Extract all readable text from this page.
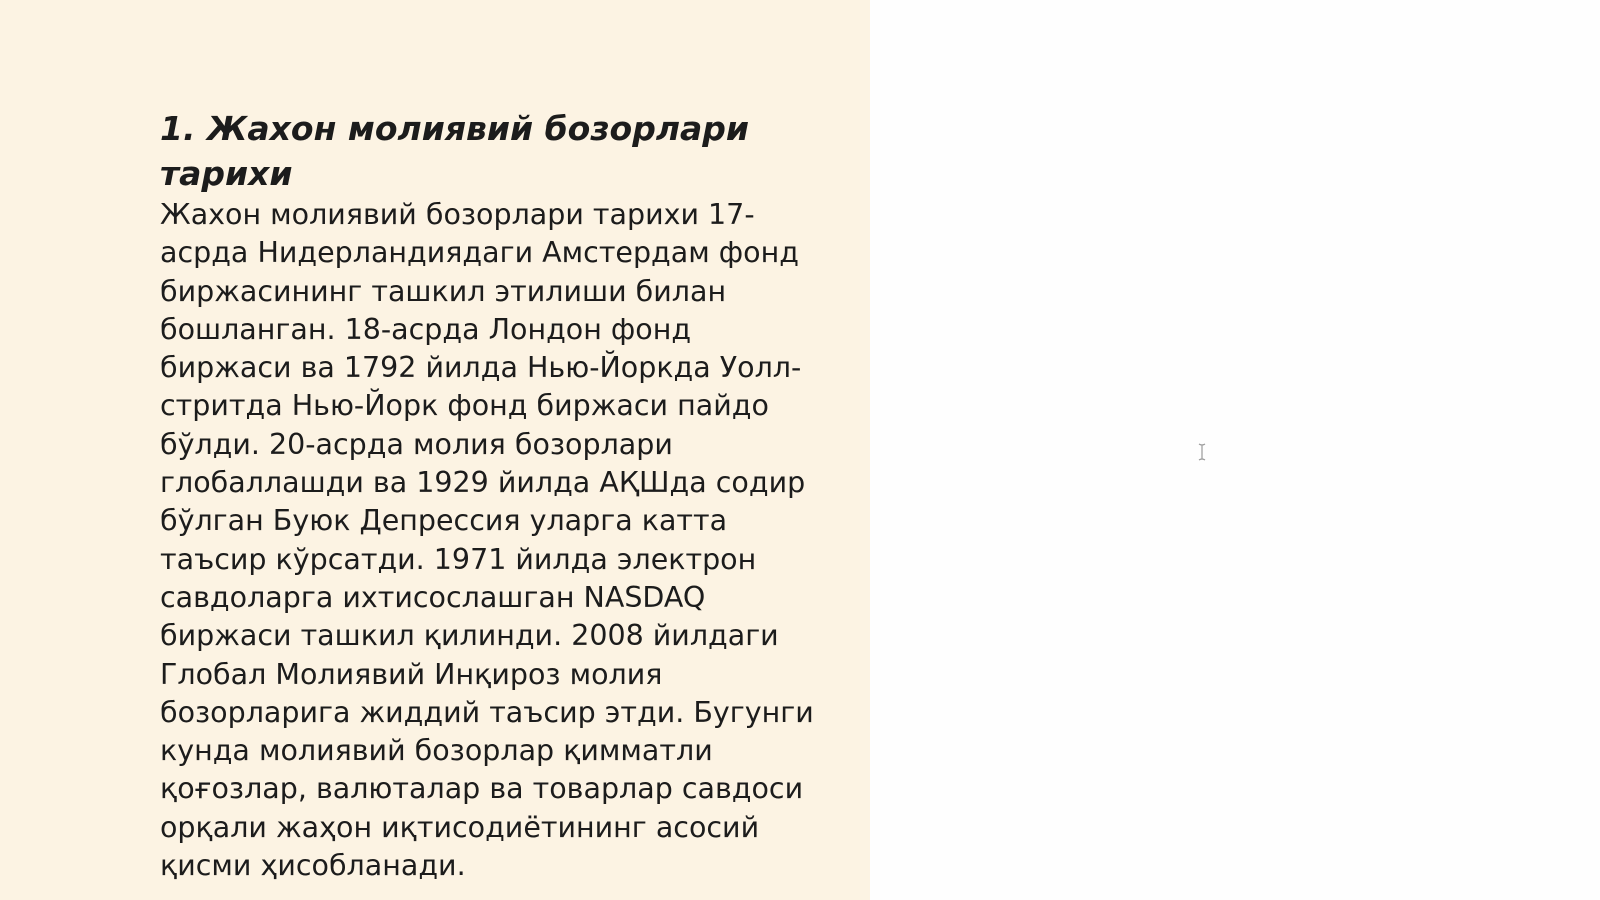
1. Жахон молиявий бозорлари тарихи

Жахон молиявий бозорлари тарихи 17-асрда Нидерландиядаги Амстердам фонд биржасининг ташкил этилиши билан бошланган. 18-асрда Лондон фонд биржаси ва 1792 йилда Нью-Йоркда Уолл-стритда Нью-Йорк фонд биржаси пайдо бўлди. 20-асрда молия бозорлари глобаллашди ва 1929 йилда АҚШда содир бўлган Буюк Депрессия уларга катта таъсир кўрсатди. 1971 йилда электрон савдоларга ихтисослашган NASDAQ биржаси ташкил қилинди. 2008 йилдаги Глобал Молиявий Инқироз молия бозорларига жиддий таъсир этди. Бугунги кунда молиявий бозорлар қимматли қоғозлар, валюталар ва товарлар савдоси орқали жаҳон иқтисодиётининг асосий қисми ҳисобланади.
